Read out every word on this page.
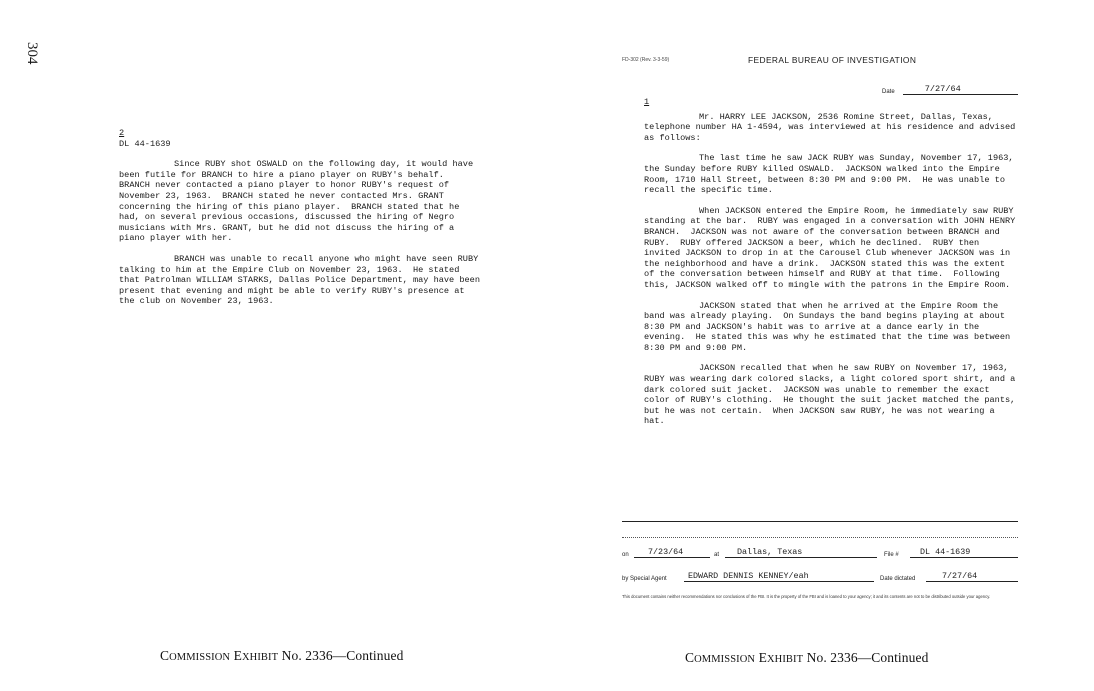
304
2
DL 44-1639

Since RUBY shot OSWALD on the following day, it would have been futile for BRANCH to hire a piano player on RUBY's behalf.  BRANCH never contacted a piano player to honor RUBY's request of November 23, 1963.  BRANCH stated he never contacted Mrs. GRANT concerning the hiring of this piano player.  BRANCH stated that he had, on several previous occasions, discussed the hiring of Negro musicians with Mrs. GRANT, but he did not discuss the hiring of a piano player with her.

BRANCH was unable to recall anyone who might have seen RUBY talking to him at the Empire Club on November 23, 1963.  He stated that Patrolman WILLIAM STARKS, Dallas Police Department, may have been present that evening and might be able to verify RUBY's presence at the club on November 23, 1963.

COMMISSION EXHIBIT No. 2336—Continued
FD-302 (Rev. 3-3-59)	FEDERAL BUREAU OF INVESTIGATION
Date	7/27/64
1

Mr. HARRY LEE JACKSON, 2536 Romine Street, Dallas, Texas, telephone number HA 1-4594, was interviewed at his residence and advised as follows:

The last time he saw JACK RUBY was Sunday, November 17, 1963, the Sunday before RUBY killed OSWALD.  JACKSON walked into the Empire Room, 1710 Hall Street, between 8:30 PM and 9:00 PM.  He was unable to recall the specific time.

When JACKSON entered the Empire Room, he immediately saw RUBY standing at the bar.  RUBY was engaged in a conversation with JOHN HENRY BRANCH.  JACKSON was not aware of the conversation between BRANCH and RUBY.  RUBY offered JACKSON a beer, which he declined.  RUBY then invited JACKSON to drop in at the Carousel Club whenever JACKSON was in the neighborhood and have a drink.  JACKSON stated this was the extent of the conversation between himself and RUBY at that time.  Following this, JACKSON walked off to mingle with the patrons in the Empire Room.

JACKSON stated that when he arrived at the Empire Room the band was already playing.  On Sundays the band begins playing at about 8:30 PM and JACKSON's habit was to arrive at a dance early in the evening.  He stated this was why he estimated that the time was between 8:30 PM and 9:00 PM.

JACKSON recalled that when he saw RUBY on November 17, 1963, RUBY was wearing dark colored slacks, a light colored sport shirt, and a dark colored suit jacket.  JACKSON was unable to remember the exact color of RUBY's clothing.  He thought the suit jacket matched the pants, but he was not certain.  When JACKSON saw RUBY, he was not wearing a hat.

on	7/23/64	at	Dallas, Texas	File #	DL 44-1639
by Special Agent	EDWARD DENNIS KENNEY/eah	Date dictated	7/27/64
This document contains neither recommendations nor conclusions of the FBI. It is the property of the FBI and is loaned to your agency; it and its contents are not to be distributed outside your agency.
COMMISSION EXHIBIT No. 2336—Continued
